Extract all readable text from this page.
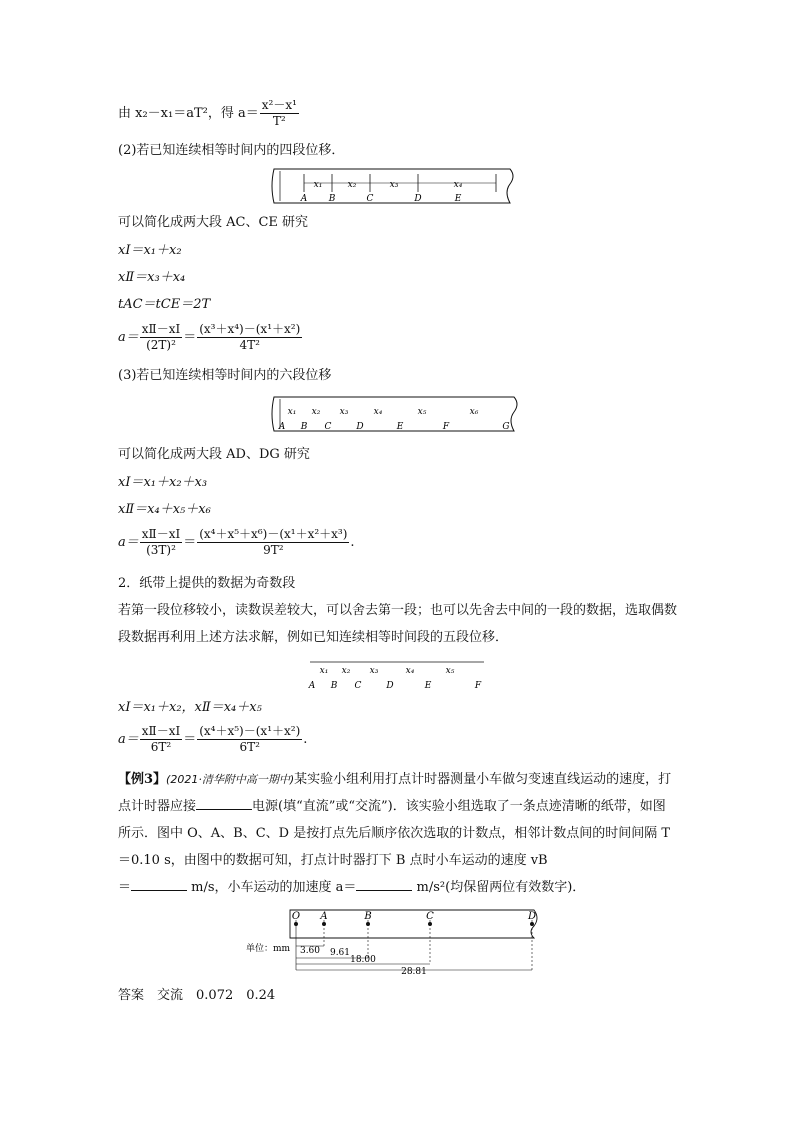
由 x₂－x₁＝aT²，得 $a= \frac{\text{x²－x¹}}{\text{T²}}$
(2)若已知连续相等时间内的四段位移．
x₁	x₂	x₃	x₄
A B	C	D	E
可以简化成两大段 AC、CE 研究
xⅠ＝x₁＋x₂
xⅡ＝x₃＋x₄
tAC＝tCE＝2T
$a= \frac{\text{xⅡ－xⅠ}}{\text{(2T)²}} = \frac{\text{(x³＋x⁴)－(x¹＋x²)}}{\text{4T²}}$
(3)若已知连续相等时间内的六段位移
x₁ x₂ x₃	x₄	x₅	x₆
A B C	D	E	F	G
可以简化成两大段 AD、DG 研究
xⅠ＝x₁＋x₂＋x₃
xⅡ＝x₄＋x₅＋x₆
$a= \frac{\text{xⅡ－xⅠ}}{\text{(3T)²}} = \frac{\text{(x⁴＋x⁵＋x⁶)－(x¹＋x²＋x³)}}{\text{9T²}}$ .
2．纸带上提供的数据为奇数段
若第一段位移较小，读数误差较大，可以舍去第一段；也可以先舍去中间的一段的数据，选取偶数段数据再利用上述方法求解，例如已知连续相等时间段的五段位移．
x₁ x₂ x₃	x₄	x₅
A B C	D	E	F
xⅠ＝x₁＋x₂，xⅡ＝x₄＋x₅
$a= \frac{\text{xⅡ－xⅠ}}{\text{6T²}} = \frac{\text{(x⁴＋x⁵)－(x¹＋x²)}}{\text{6T²}}$ .
【例3】(2021·清华附中高一期中)某实验小组利用打点计时器测量小车做匀变速直线运动的速度，打点计时器应接	电源(填“直流”或“交流”)．该实验小组选取了一条点迹清晰的纸带，如图所示．图中 O、A、B、C、D 是按打点先后顺序依次选取的计数点，相邻计数点间的时间间隔 T＝0.10 s，由图中的数据可知，打点计时器打下 B 点时小车运动的速度 vB
＝	m/s，小车运动的加速度 a＝	m/s²(均保留两位有效数字)．
O A	B	C	D
单位：mm 3.60 9.61
18.00
28.81
答案　 交流　0.072　0.24
